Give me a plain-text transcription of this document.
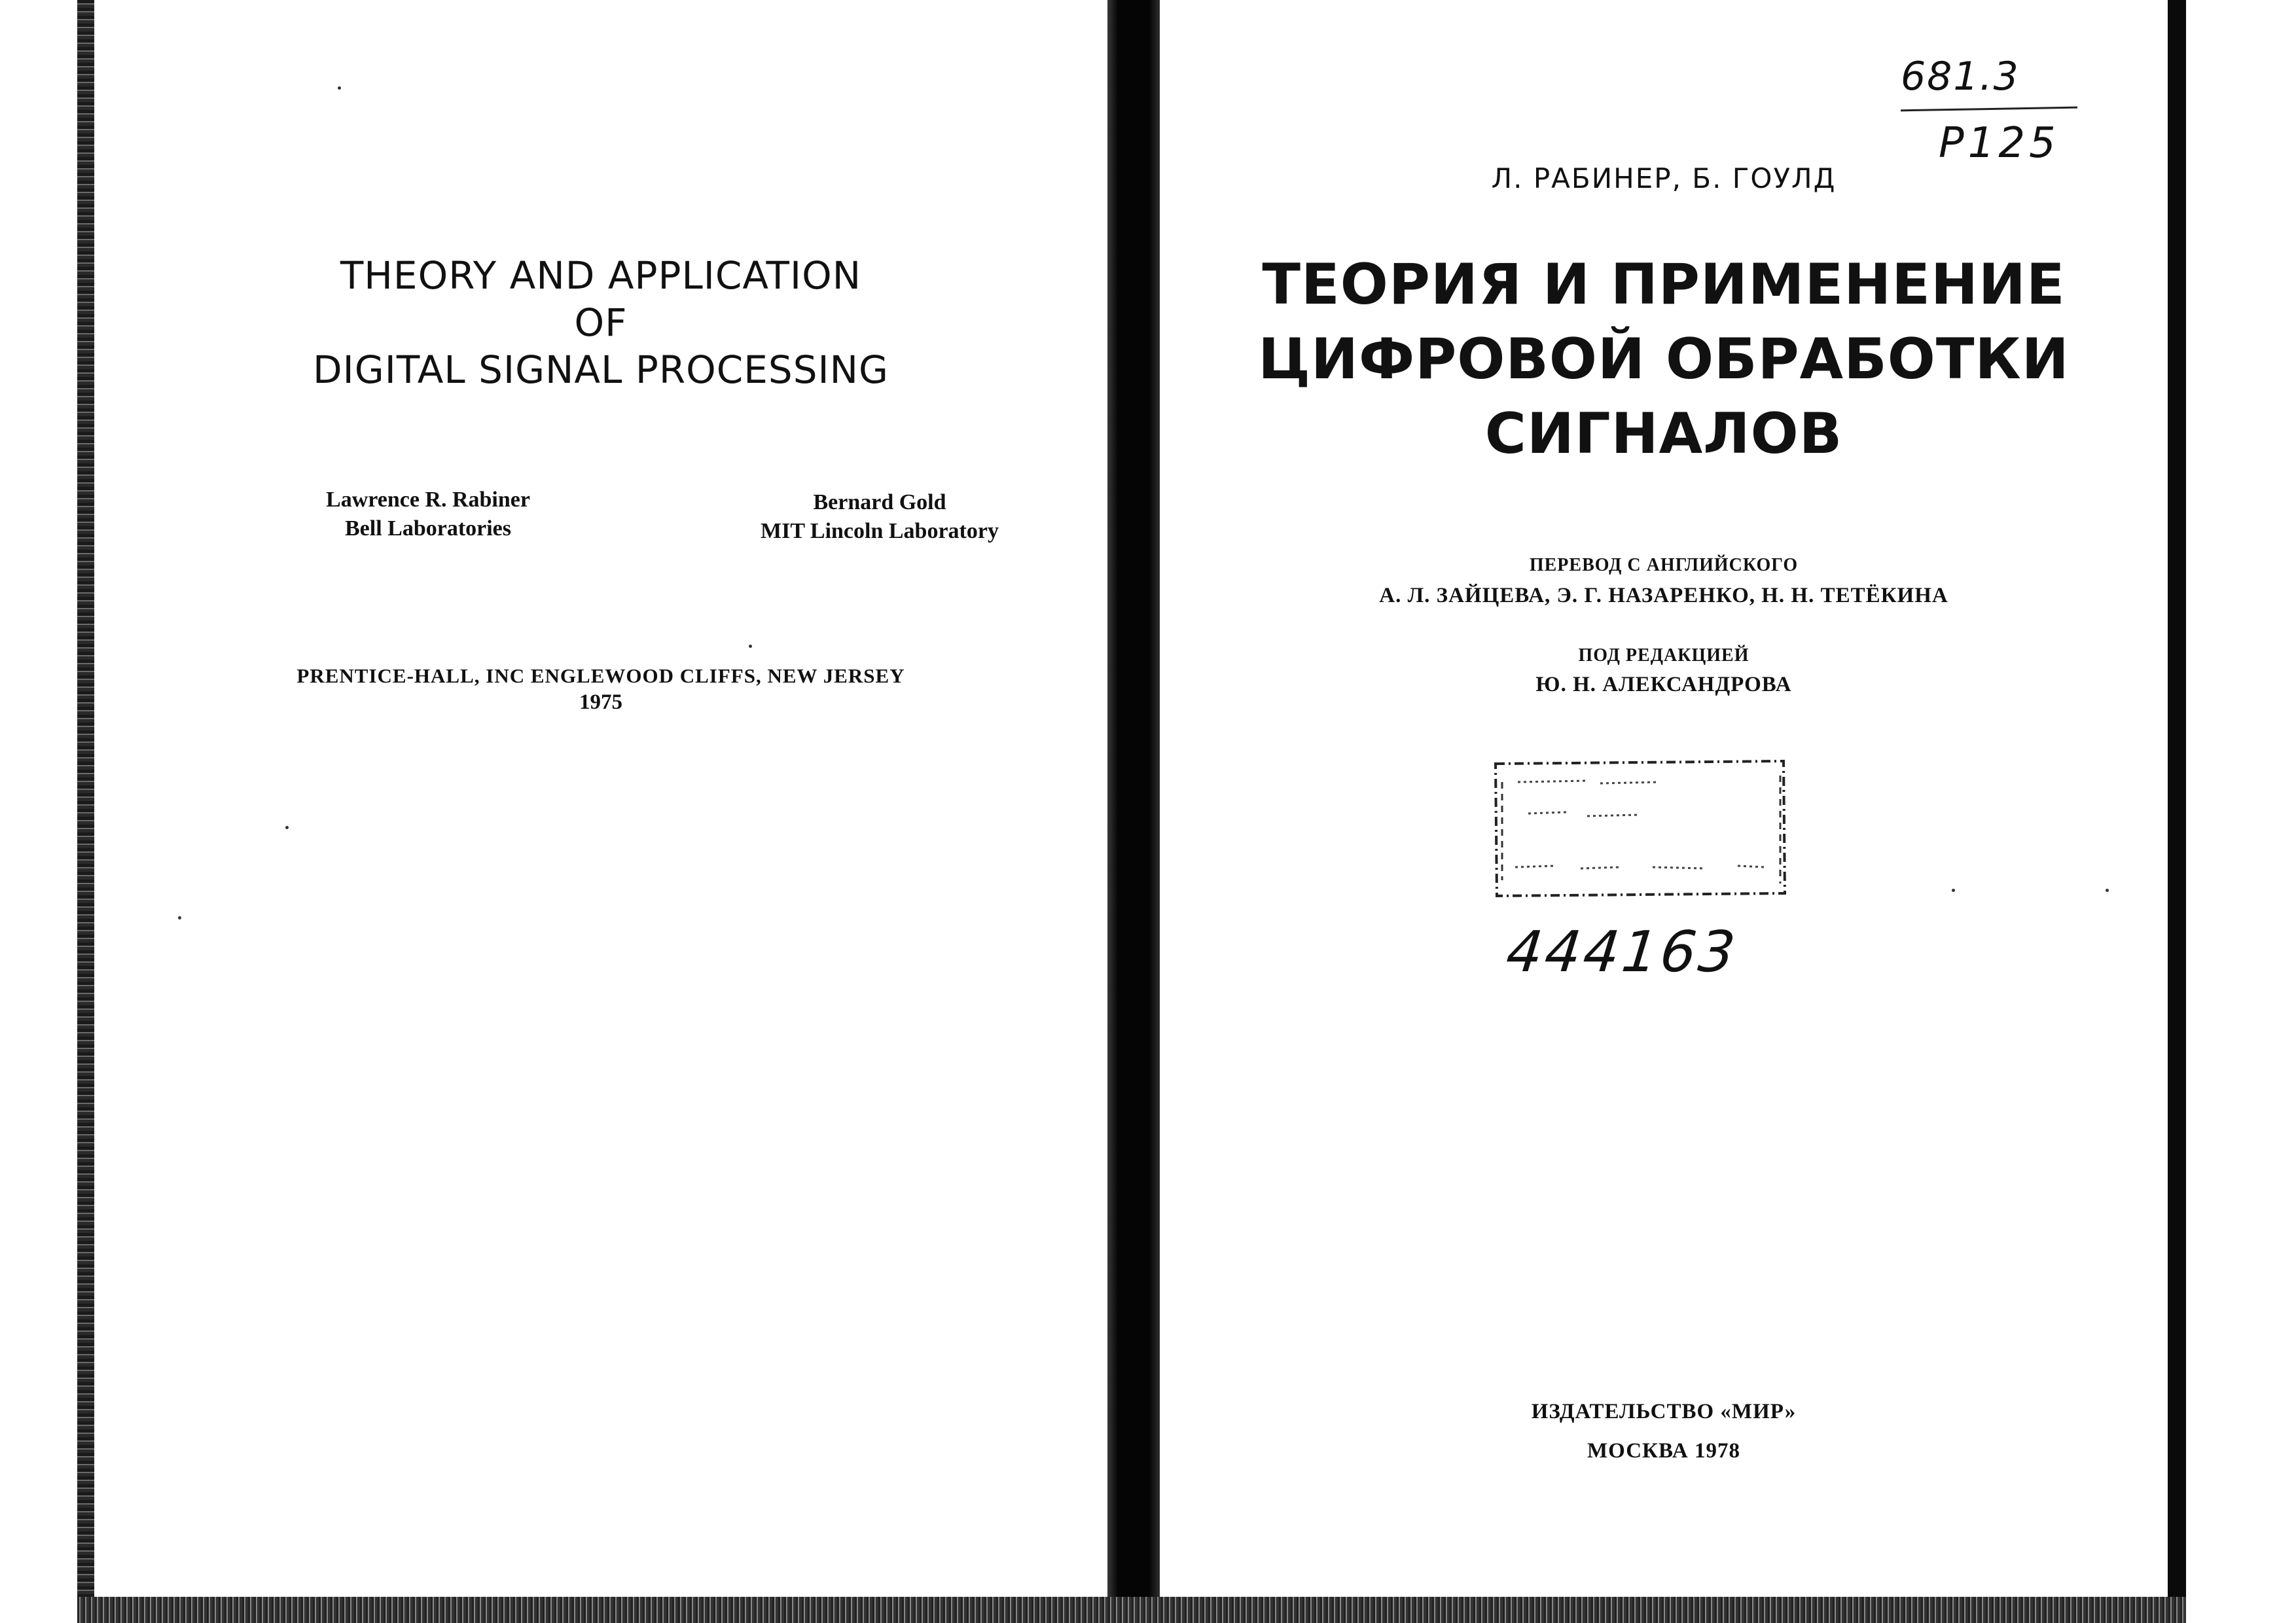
THEORY AND APPLICATION
OF
DIGITAL SIGNAL PROCESSING
Lawrence R. Rabiner
Bell Laboratories
Bernard Gold
MIT Lincoln Laboratory
PRENTICE-HALL, INC ENGLEWOOD CLIFFS, NEW JERSEY
1975
Л. РАБИНЕР, Б. ГОУЛД
ТЕОРИЯ И ПРИМЕНЕНИЕ
ЦИФРОВОЙ ОБРАБОТКИ
СИГНАЛОВ
ПЕРЕВОД С АНГЛИЙСКОГО
А. Л. ЗАЙЦЕВА, Э. Г. НАЗАРЕНКО, Н. Н. ТЕТЁКИНА
ПОД РЕДАКЦИЕЙ
Ю. Н. АЛЕКСАНДРОВА
681.3
Р125
444163
ИЗДАТЕЛЬСТВО «МИР»
МОСКВА 1978
